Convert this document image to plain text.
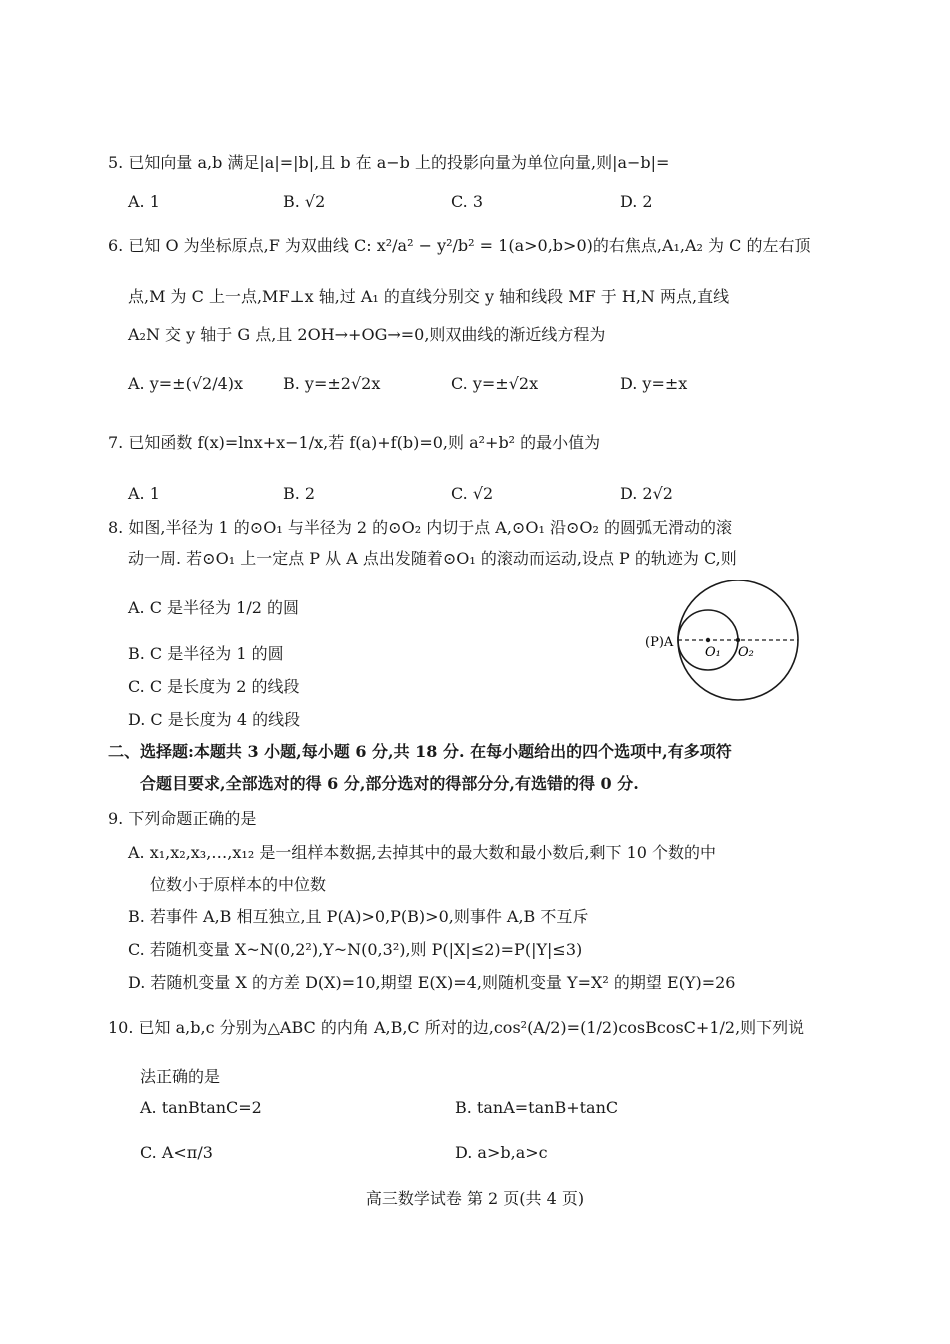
5. 已知向量 a,b 满足|a|=|b|,且 b 在 a−b 上的投影向量为单位向量,则|a−b|=
A. 1	B. √2	C. 3	D. 2
6. 已知 O 为坐标原点,F 为双曲线 C: x²/a² − y²/b² = 1(a>0,b>0)的右焦点,A₁,A₂ 为 C 的左右顶
点,M 为 C 上一点,MF⊥x 轴,过 A₁ 的直线分别交 y 轴和线段 MF 于 H,N 两点,直线
A₂N 交 y 轴于 G 点,且 2OH→+OG→=0,则双曲线的渐近线方程为
A. y=±(√2/4)x B. y=±2√2x	C. y=±√2x	D. y=±x
7. 已知函数 f(x)=lnx+x−1/x,若 f(a)+f(b)=0,则 a²+b² 的最小值为
A. 1	B. 2	C. √2	D. 2√2
8. 如图,半径为 1 的⊙O₁ 与半径为 2 的⊙O₂ 内切于点 A,⊙O₁ 沿⊙O₂ 的圆弧无滑动的滚
动一周. 若⊙O₁ 上一定点 P 从 A 点出发随着⊙O₁ 的滚动而运动,设点 P 的轨迹为 C,则
A. C 是半径为 1/2 的圆
B. C 是半径为 1 的圆
C. C 是长度为 2 的线段
D. C 是长度为 4 的线段
(P)A
O₁ O₂
二、选择题:本题共 3 小题,每小题 6 分,共 18 分. 在每小题给出的四个选项中,有多项符
合题目要求,全部选对的得 6 分,部分选对的得部分分,有选错的得 0 分.
9. 下列命题正确的是
A. x₁,x₂,x₃,…,x₁₂ 是一组样本数据,去掉其中的最大数和最小数后,剩下 10 个数的中
位数小于原样本的中位数
B. 若事件 A,B 相互独立,且 P(A)>0,P(B)>0,则事件 A,B 不互斥
C. 若随机变量 X~N(0,2²),Y~N(0,3²),则 P(|X|≤2)=P(|Y|≤3)
D. 若随机变量 X 的方差 D(X)=10,期望 E(X)=4,则随机变量 Y=X² 的期望 E(Y)=26
10. 已知 a,b,c 分别为△ABC 的内角 A,B,C 所对的边,cos²(A/2)=(1/2)cosBcosC+1/2,则下列说
法正确的是
A. tanBtanC=2	B. tanA=tanB+tanC
C. A<π/3	D. a>b,a>c
高三数学试卷 第 2 页(共 4 页)
